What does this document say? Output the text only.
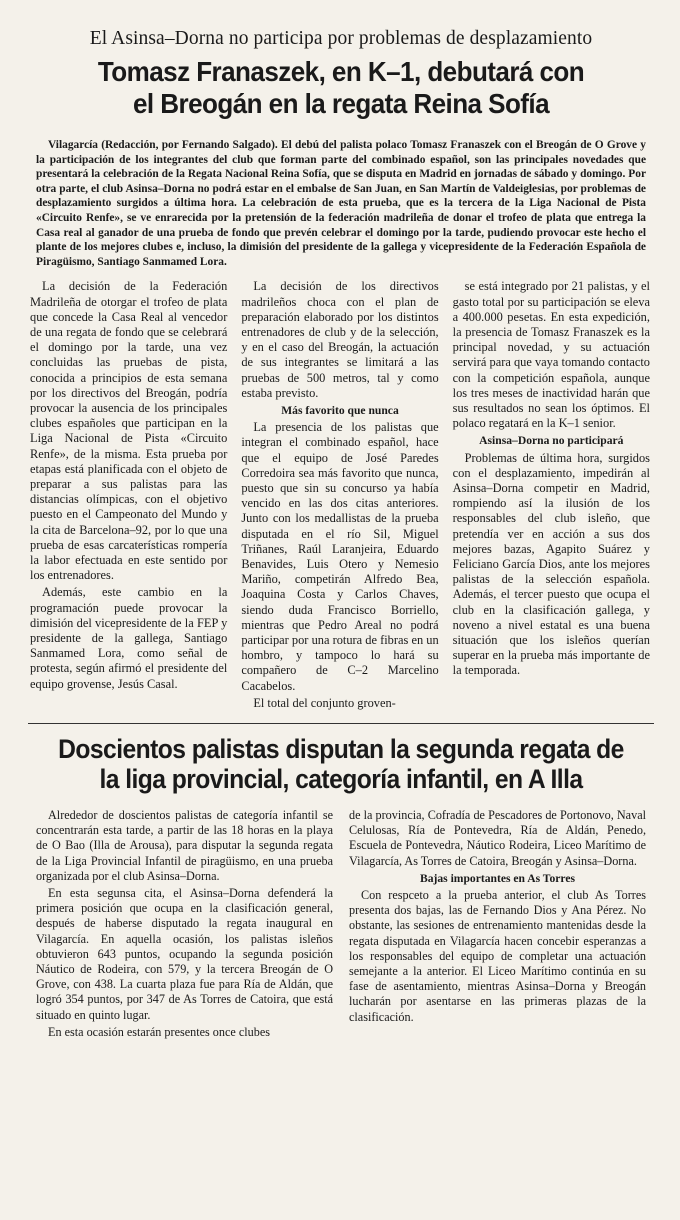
El Asinsa–Dorna no participa por problemas de desplazamiento
Tomasz Franaszek, en K–1, debutará con
el Breogán en la regata Reina Sofía

Vilagarcía (Redacción, por Fernando Salgado). El debú del palista polaco Tomasz Franaszek con el Breogán de O Grove y la participación de los integrantes del club que forman parte del combinado español, son las principales novedades que presentará la celebración de la Regata Nacional Reina Sofía, que se disputa en Madrid en jornadas de sábado y domingo. Por otra parte, el club Asinsa–Dorna no podrá estar en el embalse de San Juan, en San Martín de Valdeiglesias, por problemas de desplazamiento surgidos a última hora. La celebración de esta prueba, que es la tercera de la Liga Nacional de Pista «Circuito Renfe», se ve enrarecida por la pretensión de la federación madrileña de donar el trofeo de plata que entrega la Casa real al ganador de una prueba de fondo que prevén celebrar el domingo por la tarde, pudiendo provocar este hecho el plante de los mejores clubes e, incluso, la dimisión del presidente de la gallega y vicepresidente de la Federación Española de Piragüismo, Santiago Sanmamed Lora.

La decisión de la Federación Madrileña de otorgar el trofeo de plata que concede la Casa Real al vencedor de una regata de fondo que se celebrará el domingo por la tarde, una vez concluidas las pruebas de pista, conocida a principios de esta semana por los directivos del Breogán, podría provocar la ausencia de los principales clubes españoles que participan en la Liga Nacional de Pista «Circuito Renfe», de la misma. Esta prueba por etapas está planificada con el objeto de preparar a sus palistas para las distancias olímpicas, con el objetivo puesto en el Campeonato del Mundo y la cita de Barcelona–92, por lo que una prueba de esas carcaterísticas rompería la labor efectuada en este sentido por los entrenadores.

Además, este cambio en la programación puede provocar la dimisión del vicepresidente de la FEP y presidente de la gallega, Santiago Sanmamed Lora, como señal de protesta, según afirmó el presidente del equipo grovense, Jesús Casal.

La decisión de los directivos madrileños choca con el plan de preparación elaborado por los distintos entrenadores de club y de la selección, y en el caso del Breogán, la actuación de sus integrantes se limitará a las pruebas de 500 metros, tal y como estaba previsto.

Más favorito que nunca

La presencia de los palistas que integran el combinado español, hace que el equipo de José Paredes Corredoira sea más favorito que nunca, puesto que sin su concurso ya había vencido en las dos citas anteriores. Junto con los medallistas de la prueba disputada en el río Sil, Miguel Triñanes, Raúl Laranjeira, Eduardo Benavides, Luis Otero y Nemesio Mariño, competirán Alfredo Bea, Joaquina Costa y Carlos Chaves, siendo duda Francisco Borriello, mientras que Pedro Areal no podrá participar por una rotura de fibras en un hombro, y tampoco lo hará su compañero de C–2 Marcelino Cacabelos.

El total del conjunto groven-

se está integrado por 21 palistas, y el gasto total por su participación se eleva a 400.000 pesetas. En esta expedición, la presencia de Tomasz Franaszek es la principal novedad, y su actuación servirá para que vaya tomando contacto con la competición española, aunque los tres meses de inactividad harán que sus resultados no sean los óptimos. El polaco regatará en la K–1 senior.

Asinsa–Dorna no participará

Problemas de última hora, surgidos con el desplazamiento, impedirán al Asinsa–Dorna competir en Madrid, rompiendo así la ilusión de los responsables del club isleño, que pretendía ver en acción a sus dos mejores bazas, Agapito Suárez y Feliciano García Dios, ante los mejores palistas de la selección española. Además, el tercer puesto que ocupa el club en la clasificación gallega, y noveno a nivel estatal es una buena situación que los isleños querían superar en la prueba más importante de la temporada.

Doscientos palistas disputan la segunda regata de
la liga provincial, categoría infantil, en A Illa

Alrededor de doscientos palistas de categoría infantil se concentrarán esta tarde, a partir de las 18 horas en la playa de O Bao (Illa de Arousa), para disputar la segunda regata de la Liga Provincial Infantil de piragüismo, en una prueba organizada por el club Asinsa–Dorna.

En esta segunsa cita, el Asinsa–Dorna defenderá la primera posición que ocupa en la clasificación general, después de haberse disputado la regata inaugural en Vilagarcía. En aquella ocasión, los palistas isleños obtuvieron 643 puntos, ocupando la segunda posición Náutico de Rodeira, con 579, y la tercera Breogán de O Grove, con 438. La cuarta plaza fue para Ría de Aldán, que logró 354 puntos, por 347 de As Torres de Catoira, que está situado en quinto lugar.

En esta ocasión estarán presentes once clubes

de la provincia, Cofradía de Pescadores de Portonovo, Naval Celulosas, Ría de Pontevedra, Ría de Aldán, Penedo, Escuela de Pontevedra, Náutico Rodeira, Liceo Marítimo de Vilagarcía, As Torres de Catoira, Breogán y Asinsa–Dorna.

Bajas importantes en As Torres

Con respceto a la prueba anterior, el club As Torres presenta dos bajas, las de Fernando Dios y Ana Pérez. No obstante, las sesiones de entrenamiento mantenidas desde la regata disputada en Vilagarcía hacen concebir esperanzas a los responsables del equipo de completar una actuación semejante a la anterior. El Liceo Marítimo continúa en su fase de asentamiento, mientras Asinsa–Dorna y Breogán lucharán por asentarse en las primeras plazas de la clasificación.
